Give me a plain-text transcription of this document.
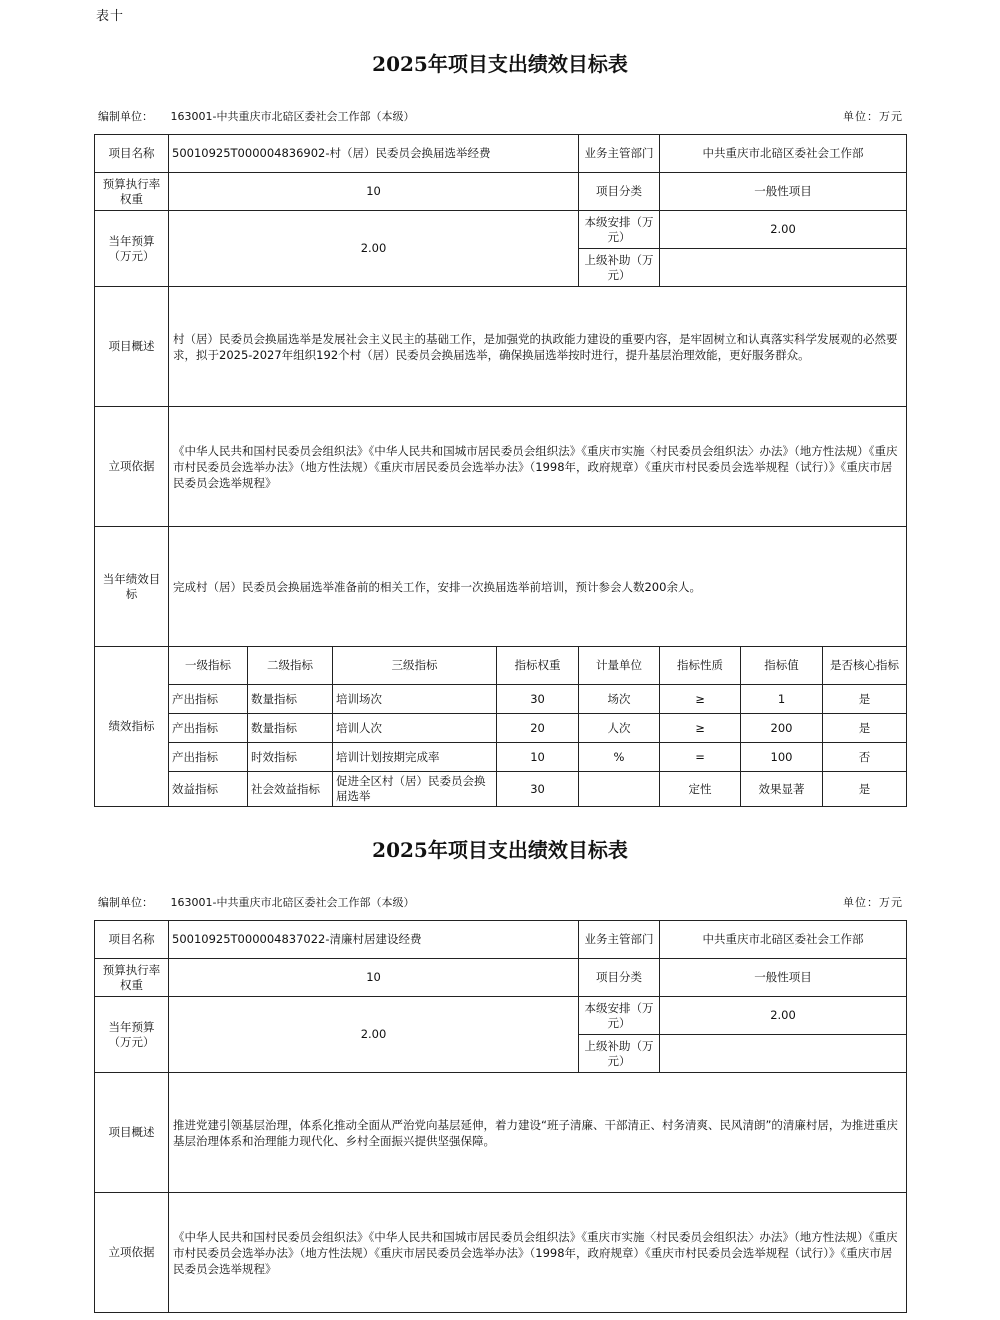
表十
2025年项目支出绩效目标表
编制单位： 163001-中共重庆市北碚区委社会工作部（本级）	单位：万元
项目名称	50010925T000004836902-村（居）民委员会换届选举经费				业务主管部门	中共重庆市北碚区委社会工作部		
预算执行率权重	10				项目分类	一般性项目		
当年预算（万元）	2.00				本级安排（万元）	2.00		
					上级补助（万元）			
项目概述	村（居）民委员会换届选举是发展社会主义民主的基础工作，是加强党的执政能力建设的重要内容，是牢固树立和认真落实科学发展观的必然要求，拟于2025-2027年组织192个村（居）民委员会换届选举，确保换届选举按时进行，提升基层治理效能，更好服务群众。							
立项依据	《中华人民共和国村民委员会组织法》《中华人民共和国城市居民委员会组织法》《重庆市实施〈村民委员会组织法〉办法》（地方性法规）《重庆市村民委员会选举办法》（地方性法规）《重庆市居民委员会选举办法》（1998年，政府规章）《重庆市村民委员会选举规程（试行）》《重庆市居民委员会选举规程》							
当年绩效目标	完成村（居）民委员会换届选举准备前的相关工作，安排一次换届选举前培训，预计参会人数200余人。							
绩效指标	一级指标	二级指标	三级指标	指标权重	计量单位	指标性质	指标值	是否核心指标
	产出指标	数量指标	培训场次	30	场次	≥	1	是
	产出指标	数量指标	培训人次	20	人次	≥	200	是
	产出指标	时效指标	培训计划按期完成率	10	%	=	100	否
	效益指标	社会效益指标	促进全区村（居）民委员会换届选举	30		定性	效果显著	是
2025年项目支出绩效目标表
编制单位： 163001-中共重庆市北碚区委社会工作部（本级）	单位：万元
项目名称	50010925T000004837022-清廉村居建设经费	业务主管部门	中共重庆市北碚区委社会工作部
预算执行率权重	10	项目分类	一般性项目
当年预算（万元）	2.00	本级安排（万元）	2.00
		上级补助（万元）	
项目概述	推进党建引领基层治理，体系化推动全面从严治党向基层延伸，着力建设“班子清廉、干部清正、村务清爽、民风清朗”的清廉村居，为推进重庆基层治理体系和治理能力现代化、乡村全面振兴提供坚强保障。		
立项依据	《中华人民共和国村民委员会组织法》《中华人民共和国城市居民委员会组织法》《重庆市实施〈村民委员会组织法〉办法》（地方性法规）《重庆市村民委员会选举办法》（地方性法规）《重庆市居民委员会选举办法》（1998年，政府规章）《重庆市村民委员会选举规程（试行）》《重庆市居民委员会选举规程》		
